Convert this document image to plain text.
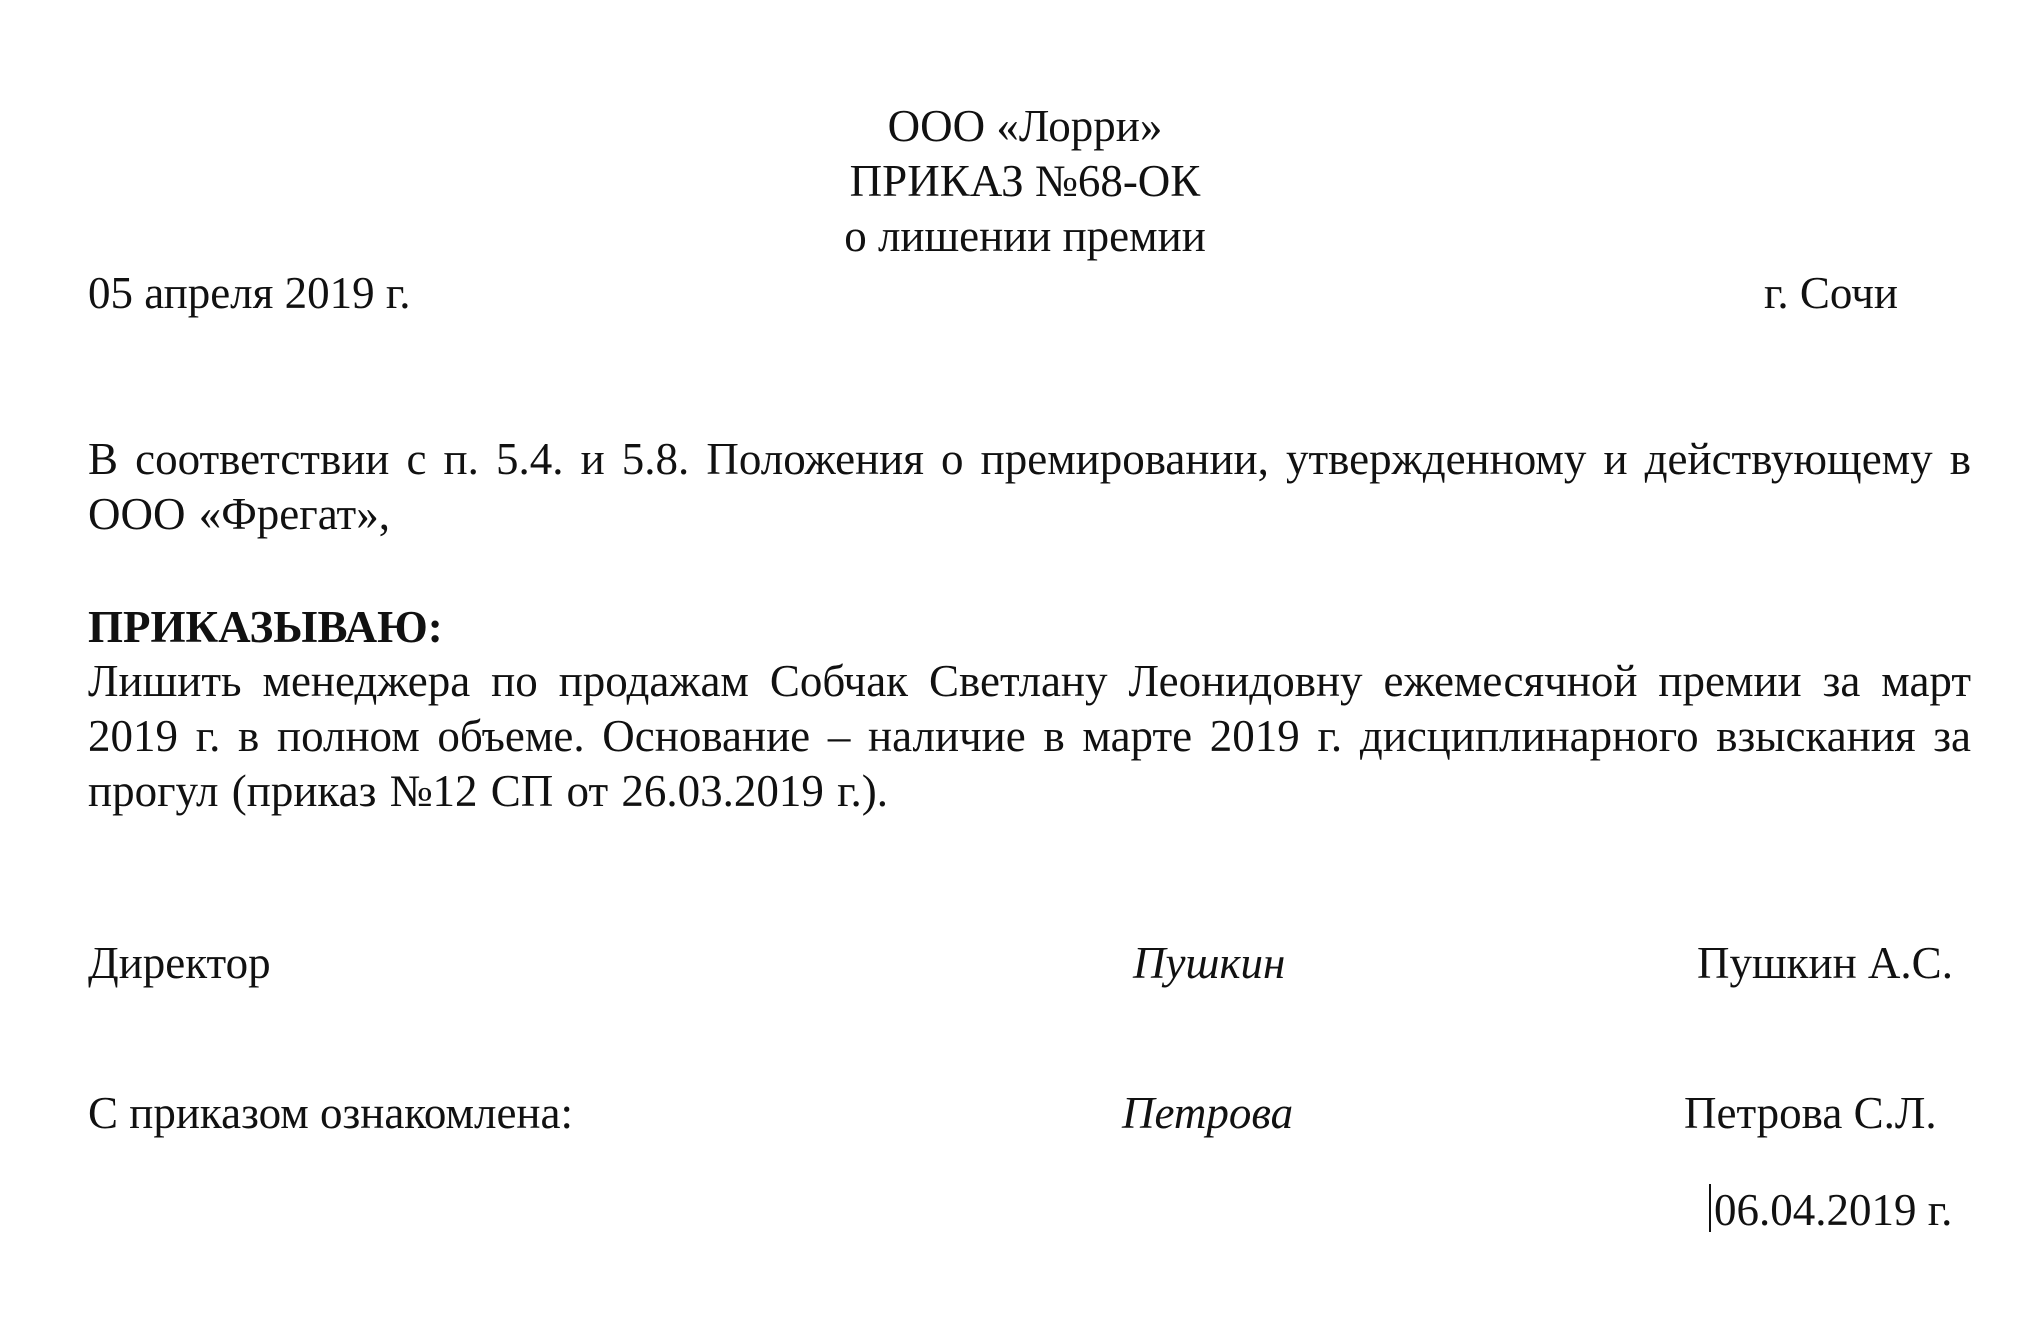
ООО «Лорри»
ПРИКАЗ №68-ОК
о лишении премии
05 апреля 2019 г.	г. Сочи
В соответствии с п. 5.4. и 5.8. Положения о премировании, утвержденному и действующему в ООО «Фрегат»,
ПРИКАЗЫВАЮ:
Лишить менеджера по продажам Собчак Светлану Леонидовну ежемесячной премии за март 2019 г. в полном объеме. Основание – наличие в марте 2019 г. дисциплинарного взыскания за прогул (приказ №12 СП от 26.03.2019 г.).
Директор	Пушкин	Пушкин А.С.
С приказом ознакомлена:	Петрова	Петрова С.Л.
06.04.2019 г.
